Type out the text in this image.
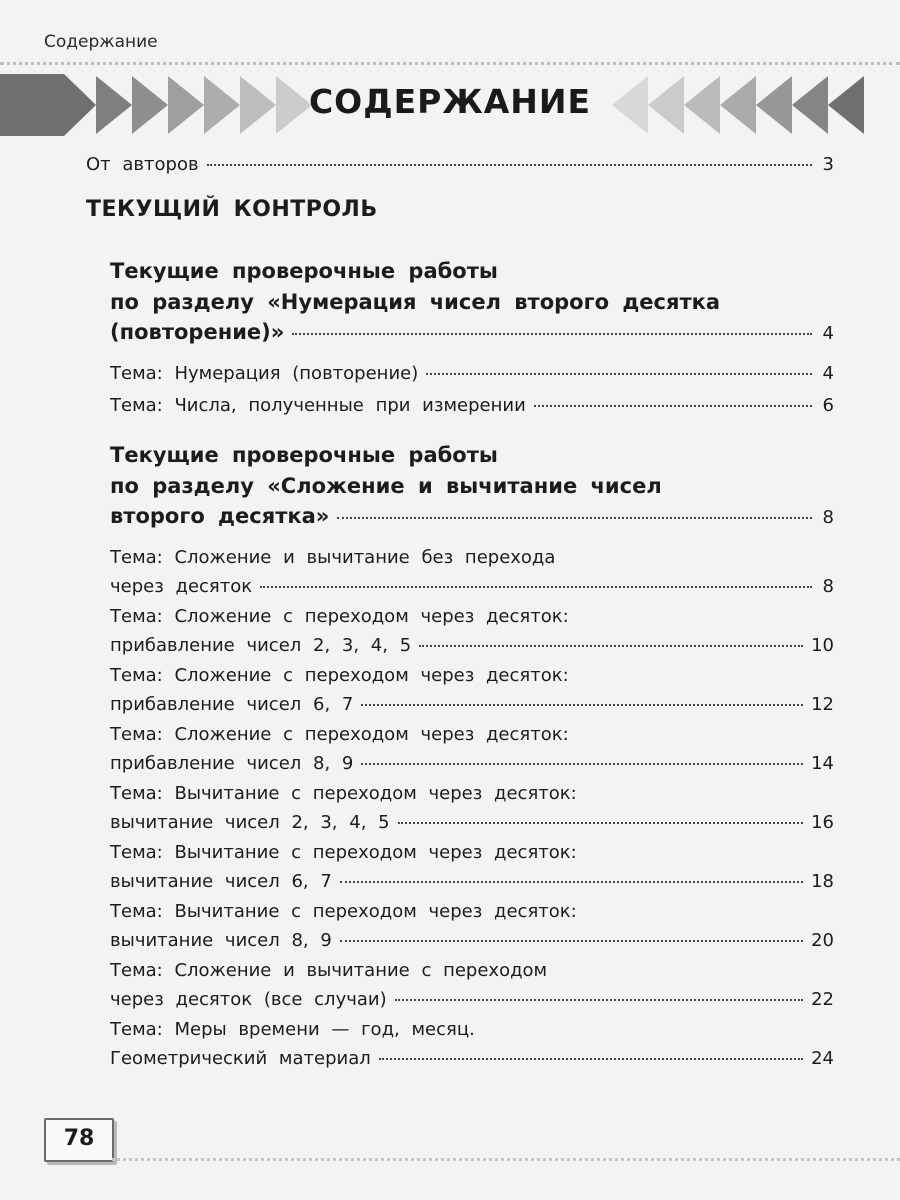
Содержание
СОДЕРЖАНИЕ
От авторов	3
ТЕКУЩИЙ КОНТРОЛЬ
Текущие проверочные работы
по разделу «Нумерация чисел второго десятка
(повторение)»	4
Тема: Нумерация (повторение)	4
Тема: Числа, полученные при измерении	6
Текущие проверочные работы
по разделу «Сложение и вычитание чисел
второго десятка»	8
Тема: Сложение и вычитание без перехода
через десяток	8
Тема: Сложение с переходом через десяток:
прибавление чисел 2, 3, 4, 5	10
Тема: Сложение с переходом через десяток:
прибавление чисел 6, 7	12
Тема: Сложение с переходом через десяток:
прибавление чисел 8, 9	14
Тема: Вычитание с переходом через десяток:
вычитание чисел 2, 3, 4, 5	16
Тема: Вычитание с переходом через десяток:
вычитание чисел 6, 7	18
Тема: Вычитание с переходом через десяток:
вычитание чисел 8, 9	20
Тема: Сложение и вычитание с переходом
через десяток (все случаи)	22
Тема: Меры времени — год, месяц.
Геометрический материал	24
78
